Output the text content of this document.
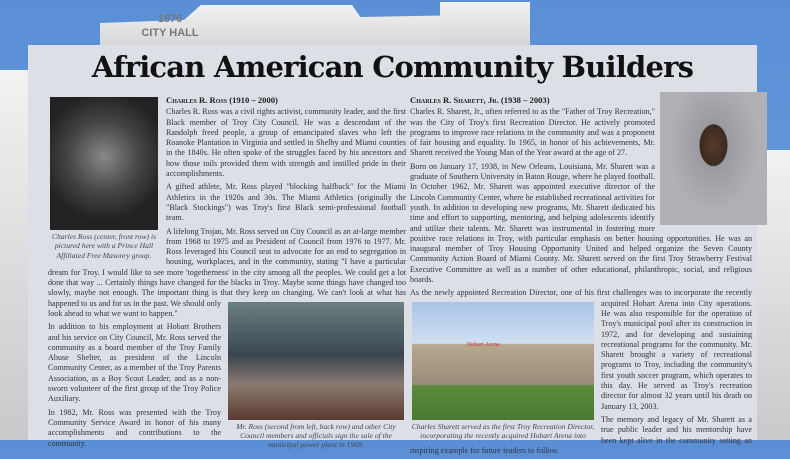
1876
CITY HALL
African American Community Builders
Charles Ross (center, front row) is pictured here with a Prince Hall Affiliated Free Masonry group.
Charles R. Ross (1910 – 2000)

Charles R. Ross was a civil rights activist, community leader, and the first Black member of Troy City Council. He was a descendant of the Randolph freed people, a group of emancipated slaves who left the Roanoke Plantation in Virginia and settled in Shelby and Miami counties in the 1840s. He often spoke of the struggles faced by his ancestors and how those toils provided them with strength and instilled pride in their accomplishments.

A gifted athlete, Mr. Ross played "blocking halfback" for the Miami Athletics in the 1920s and 30s. The Miami Athletics (originally the "Black Stockings") was Troy's first Black semi-professional football team.

A lifelong Trojan, Mr. Ross served on City Council as an at-large member from 1968 to 1975 and as President of Council from 1976 to 1977. Mr. Ross leveraged his Council seat to advocate for an end to segregation in housing, workplaces, and in the community, stating "I have a particular dream for Troy. I would like to see more 'togetherness' in the city among all the peoples. We could get a lot done that way ... Certainly things have changed for the blacks in Troy. Maybe some things have changed too slowly, maybe not enough. The important thing is that they keep on changing. We can't look at what
Mr. Ross (second from left, back row) and other City Council members and officials sign the sale of the municipal power plant in 1969.
has happened to us and for us in the past. We should only look ahead to what we want to happen."

In addition to his employment at Hobart Brothers and his service on City Council, Mr. Ross served the community as a board member of the Troy Family Abuse Shelter, as president of the Lincoln Community Center, as a member of the Troy Parents Association, as a Boy Scout Leader, and as a non-sworn volunteer of the first group of the Troy Police Auxiliary.

In 1982, Mr. Ross was presented with the Troy Community Service Award in honor of his many accomplishments and contributions to the community.

Charles R. Sharett, Jr. (1938 – 2003)

Charles R. Sharett, Jr., often referred to as the "Father of Troy Recreation," was the City of Troy's first Recreation Director. He actively promoted programs to improve race relations in the community and was a proponent of fair housing and equality. In 1965, in honor of his achievements, Mr. Sharett received the Young Man of the Year award at the age of 27.

Born on January 17, 1938, in New Orleans, Louisiana, Mr. Sharett was a graduate of Southern University in Baton Rouge, where he played football. In October 1962, Mr. Sharett was appointed executive director of the Lincoln Community Center, where he established recreational activities for youth. In addition to developing new programs, Mr. Sharett dedicated his time and effort to supporting, mentoring, and helping adolescents identify and utilize their talents. Mr. Sharett was instrumental in fostering more positive race relations in Troy, with particular emphasis on better housing opportunities. He was an inaugural member of Troy Housing Opportunity United and helped organize the Seven County Community Action Board of Miami County. Mr. Sharett served on the first Troy Strawberry Festival Executive Committee as well as a number of other educational, philanthropic, social, and religious boards.

As the newly appointed Recreation Director, one of his first challenges was to incorporate the recently
Hobart Arena
Charles Sharett served as the first Troy Recreation Director, incorporating the recently acquired Hobart Arena into
acquired Hobart Arena into City operations. He was also responsible for the operation of Troy's municipal pool after its construction in 1972, and for developing and sustaining recreational programs for the community. Mr. Sharett brought a variety of recreational programs to Troy, including the community's first youth soccer program, which operates to this day. He served as Troy's recreation director for almost 32 years until his death on January 13, 2003.

The memory and legacy of Mr. Sharett as a true public leader and his mentorship have been kept alive in the community setting an inspiring example for future leaders to follow.
